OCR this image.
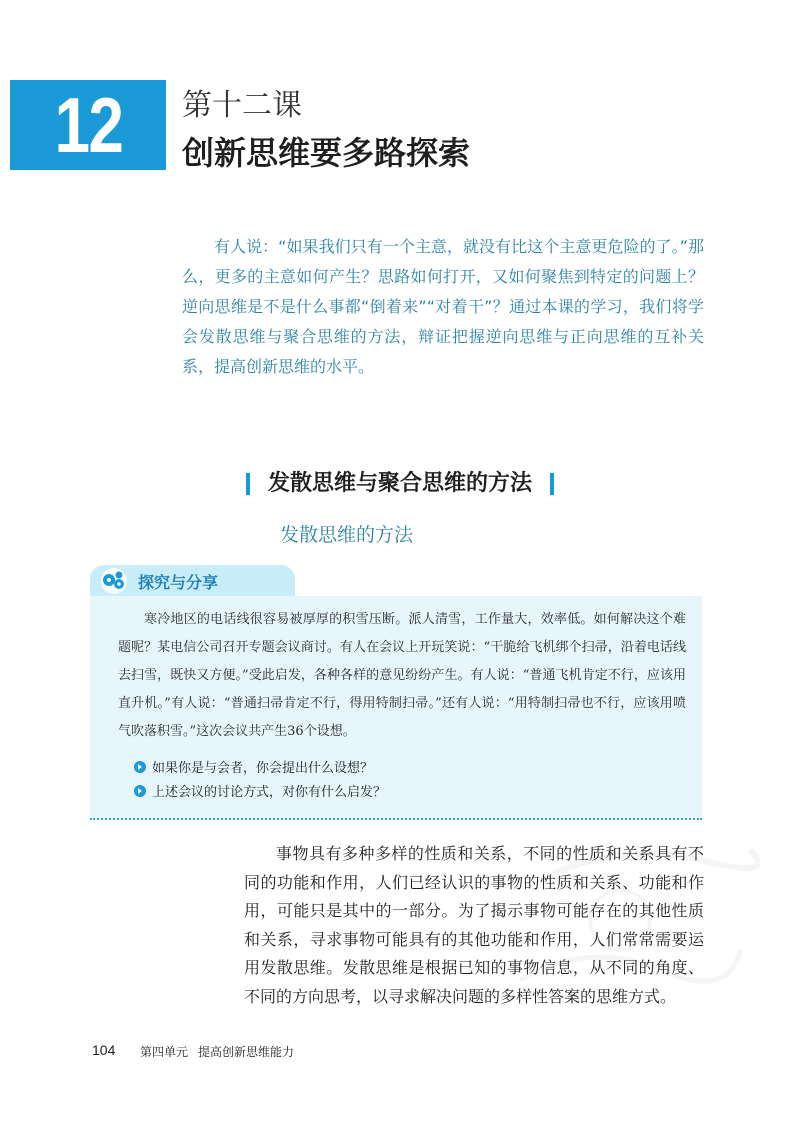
12 第十二课
创新思维要多路探索
有人说：“如果我们只有一个主意，就没有比这个主意更危险的了。”那么，更多的主意如何产生？思路如何打开，又如何聚焦到特定的问题上？逆向思维是不是什么事都“倒着来”“对着干”？通过本课的学习，我们将学会发散思维与聚合思维的方法，辩证把握逆向思维与正向思维的互补关系，提高创新思维的水平。
发散思维与聚合思维的方法
发散思维的方法
探究与分享
寒冷地区的电话线很容易被厚厚的积雪压断。派人清雪，工作量大，效率低。如何解决这个难题呢？某电信公司召开专题会议商讨。有人在会议上开玩笑说：“干脆给飞机绑个扫帚，沿着电话线去扫雪，既快又方便。”受此启发，各种各样的意见纷纷产生。有人说：“普通飞机肯定不行，应该用直升机。”有人说：“普通扫帚肯定不行，得用特制扫帚。”还有人说：“用特制扫帚也不行，应该用喷气吹落积雪。”这次会议共产生36个设想。
如果你是与会者，你会提出什么设想？
上述会议的讨论方式，对你有什么启发？
事物具有多种多样的性质和关系，不同的性质和关系具有不同的功能和作用，人们已经认识的事物的性质和关系、功能和作用，可能只是其中的一部分。为了揭示事物可能存在的其他性质和关系，寻求事物可能具有的其他功能和作用，人们常常需要运用发散思维。发散思维是根据已知的事物信息，从不同的角度、不同的方向思考，以寻求解决问题的多样性答案的思维方式。
104 第四单元 提高创新思维能力
